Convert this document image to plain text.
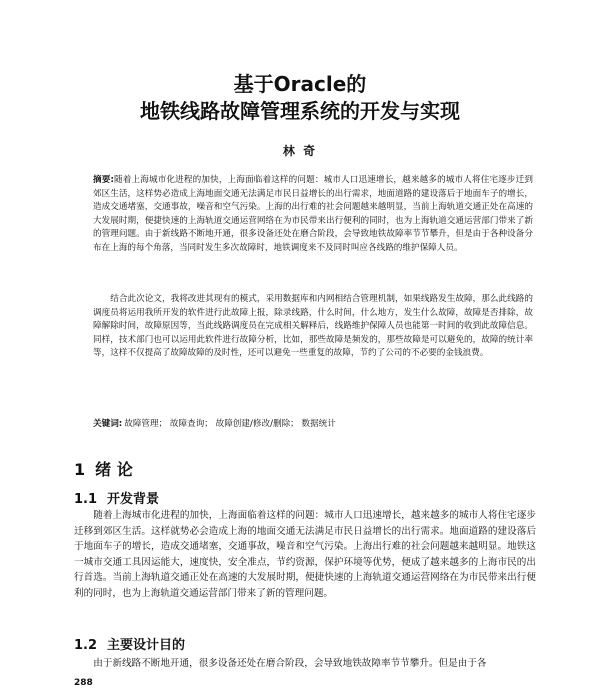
基于Oracle的
地铁线路故障管理系统的开发与实现
林 奇
摘要:随着上海城市化进程的加快，上海面临着这样的问题：城市人口迅速增长，越来越多的城市人将住宅逐步迁到郊区生活，这样势必造成上海地面交通无法满足市民日益增长的出行需求，地面道路的建设落后于地面车子的增长，造成交通堵塞，交通事故，噪音和空气污染。上海的出行难的社会问题越来越明显，当前上海轨道交通正处在高速的大发展时期，便捷快速的上海轨道交通运营网络在为市民带来出行便利的同时，也为上海轨道交通运营部门带来了新的管理问题。由于新线路不断地开通，很多设备还处在磨合阶段，会导致地铁故障率节节攀升，但是由于各种设备分布在上海的每个角落，当同时发生多次故障时，地铁调度来不及同时叫应各线路的维护保障人员。
结合此次论文，我将改进其现有的模式，采用数据库和内网相结合管理机制，如果线路发生故障，那么此线路的调度员将运用我所开发的软件进行此故障上报，除录线路，什么时间，什么地方，发生什么故障，故障是否排除，故障解除时间，故障原因等，当此线路调度员在完成相关解释后，线路维护保障人员也能第一时间的收到此故障信息。同样，技术部门也可以运用此软件进行故障分析，比如，那些故障是频发的，那些故障是可以避免的，故障的统计率等，这样不仅提高了故障故障的及时性，还可以避免一些重复的故障，节约了公司的不必要的金钱浪费。
关键词: 故障管理； 故障查询； 故障创建/修改/删除； 数据统计
1 绪 论
1.1 开发背景
随着上海城市化进程的加快，上海面临着这样的问题：城市人口迅速增长，越来越多的城市人将住宅逐步迁移到郊区生活。这样就势必会造成上海的地面交通无法满足市民日益增长的出行需求。地面道路的建设落后于地面车子的增长，造成交通堵塞，交通事故，噪音和空气污染。上海出行难的社会问题越来越明显。地铁这一城市交通工具因运能大，速度快，安全准点，节约资源，保护环境等优势，便成了越来越多的上海市民的出行首选。当前上海轨道交通正处在高速的大发展时期，便捷快速的上海轨道交通运营网络在为市民带来出行便利的同时，也为上海轨道交通运营部门带来了新的管理问题。
1.2 主要设计目的
由于新线路不断地开通，很多设备还处在磨合阶段，会导致地铁故障率节节攀升。但是由于各
288
